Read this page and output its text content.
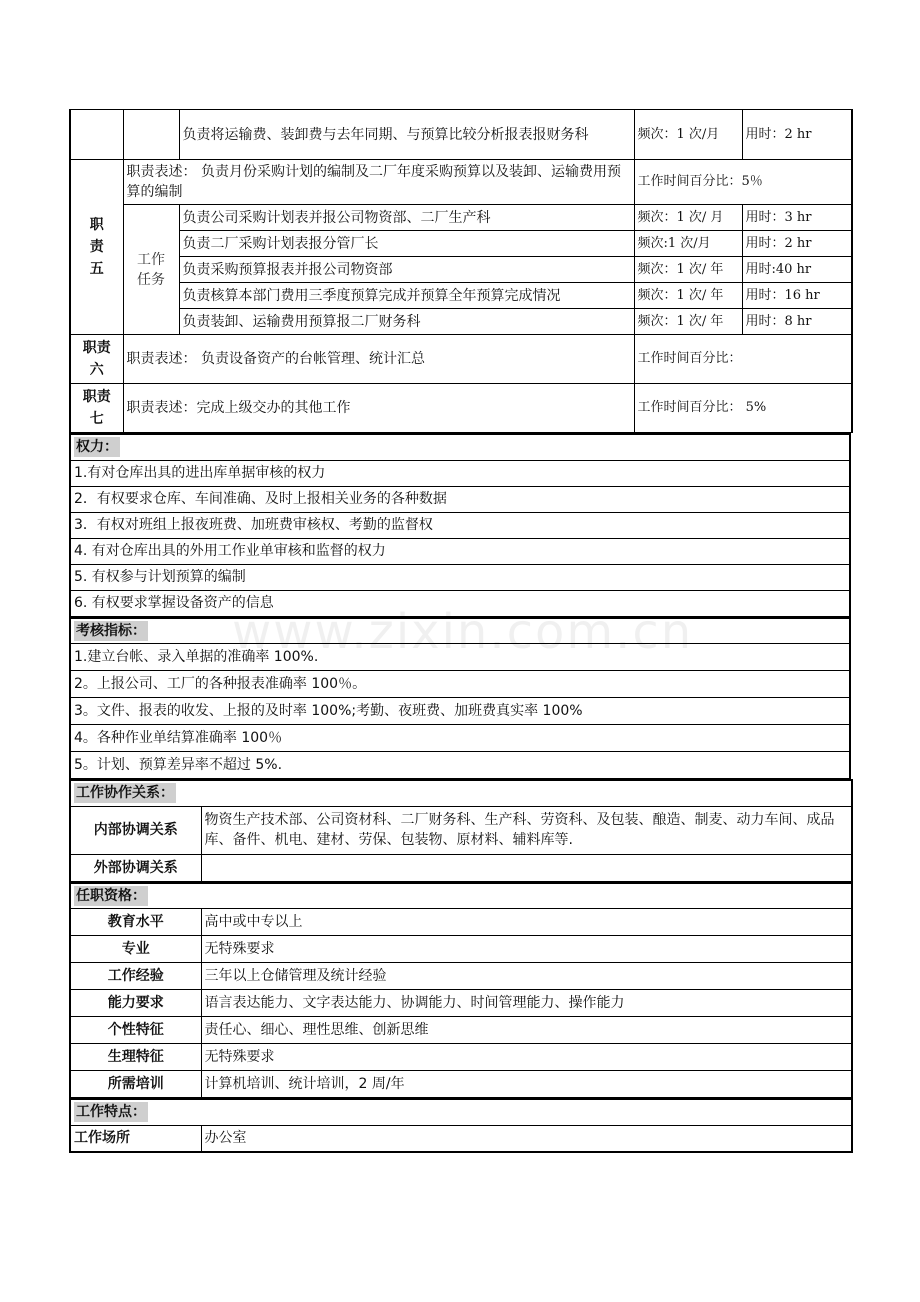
		负责将运输费、装卸费与去年同期、与预算比较分析报表报财务科	频次：1 次/月	用时：2 hr
职
责
五	职责表述： 负责月份采购计划的编制及二厂年度采购预算以及装卸、运输费用预算的编制		工作时间百分比：5％	
	工作
任务	负责公司采购计划表并报公司物资部、二厂生产科	频次：1 次/ 月	用时：3 hr
		负责二厂采购计划表报分管厂长	频次:1 次/月	用时：2 hr
		负责采购预算报表并报公司物资部	频次：1 次/ 年	用时:40 hr
		负责核算本部门费用三季度预算完成并预算全年预算完成情况	频次：1 次/ 年	用时：16 hr
		负责装卸、运输费用预算报二厂财务科	频次：1 次/ 年	用时：8 hr
职责
六	职责表述： 负责设备资产的台帐管理、统计汇总		工作时间百分比：	
职责
七	职责表述：完成上级交办的其他工作		工作时间百分比： 5%	
权力：
1.有对仓库出具的进出库单据审核的权力
2．有权要求仓库、车间准确、及时上报相关业务的各种数据
3．有权对班组上报夜班费、加班费审核权、考勤的监督权
4. 有对仓库出具的外用工作业单审核和监督的权力
5. 有权参与计划预算的编制
6. 有权要求掌握设备资产的信息
考核指标：
1.建立台帐、录入单据的准确率 100%.
2。上报公司、工厂的各种报表准确率 100％。
3。文件、报表的收发、上报的及时率 100%;考勤、夜班费、加班费真实率 100%
4。各种作业单结算准确率 100％
5。计划、预算差异率不超过 5%.
工作协作关系：	
内部协调关系	物资生产技术部、公司资材科、二厂财务科、生产科、劳资科、及包装、酿造、制麦、动力车间、成品库、备件、机电、建材、劳保、包装物、原材料、辅料库等.
外部协调关系	
任职资格：	
教育水平	高中或中专以上
专业	无特殊要求
工作经验	三年以上仓储管理及统计经验
能力要求	语言表达能力、文字表达能力、协调能力、时间管理能力、操作能力
个性特征	责任心、细心、理性思维、创新思维
生理特征	无特殊要求
所需培训	计算机培训、统计培训，2 周/年
工作特点：
工作场所	办公室
www.zixin.com.cn
